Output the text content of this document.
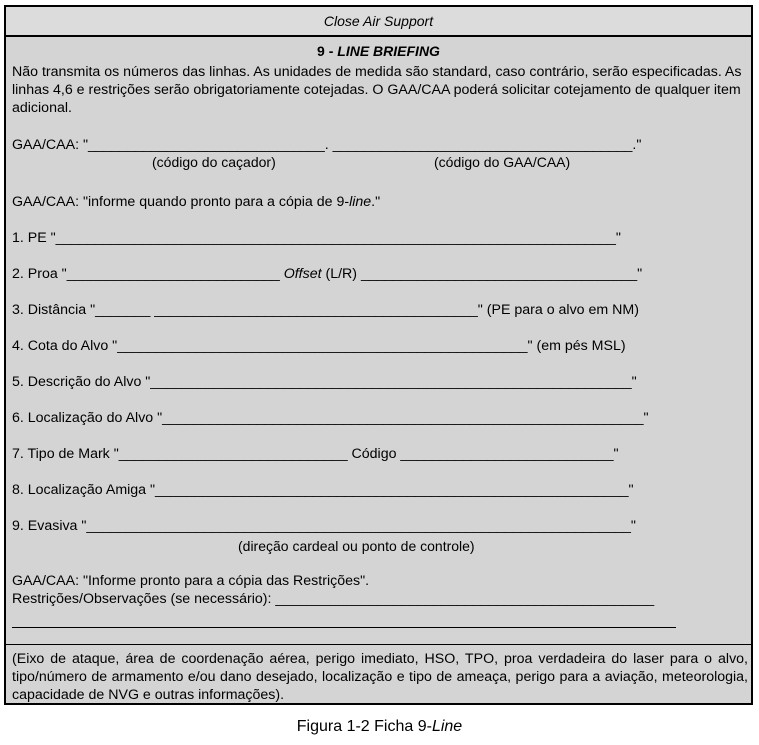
Close Air Support
9 - LINE BRIEFING
Não transmita os números das linhas. As unidades de medida são standard, caso contrário, serão especificadas. As linhas 4,6 e restrições serão obrigatoriamente cotejadas. O GAA/CAA poderá solicitar cotejamento de qualquer item adicional.
GAA/CAA: "______________________________. ______________________________________."
(código do caçador)	(código do GAA/CAA)
GAA/CAA: "informe quando pronto para a cópia de 9-line."
1. PE "_______________________________________________________________________"
2. Proa "___________________________ Offset (L/R) ___________________________________"
3. Distância "_______ _________________________________________" (PE para o alvo em NM)
4. Cota do Alvo "____________________________________________________" (em pés MSL)
5. Descrição do Alvo "_____________________________________________________________"
6. Localização do Alvo "_____________________________________________________________"
7. Tipo de Mark "_____________________________ Código ___________________________"
8. Localização Amiga "____________________________________________________________"
9. Evasiva "_____________________________________________________________________"
(direção cardeal ou ponto de controle)
GAA/CAA: "Informe pronto para a cópia das Restrições".
Restrições/Observações (se necessário): ________________________________________________
(Eixo de ataque, área de coordenação aérea, perigo imediato, HSO, TPO, proa verdadeira do laser para o alvo, tipo/número de armamento e/ou dano desejado, localização e tipo de ameaça, perigo para a aviação, meteorologia, capacidade de NVG e outras informações).
Figura 1-2 Ficha 9-Line
